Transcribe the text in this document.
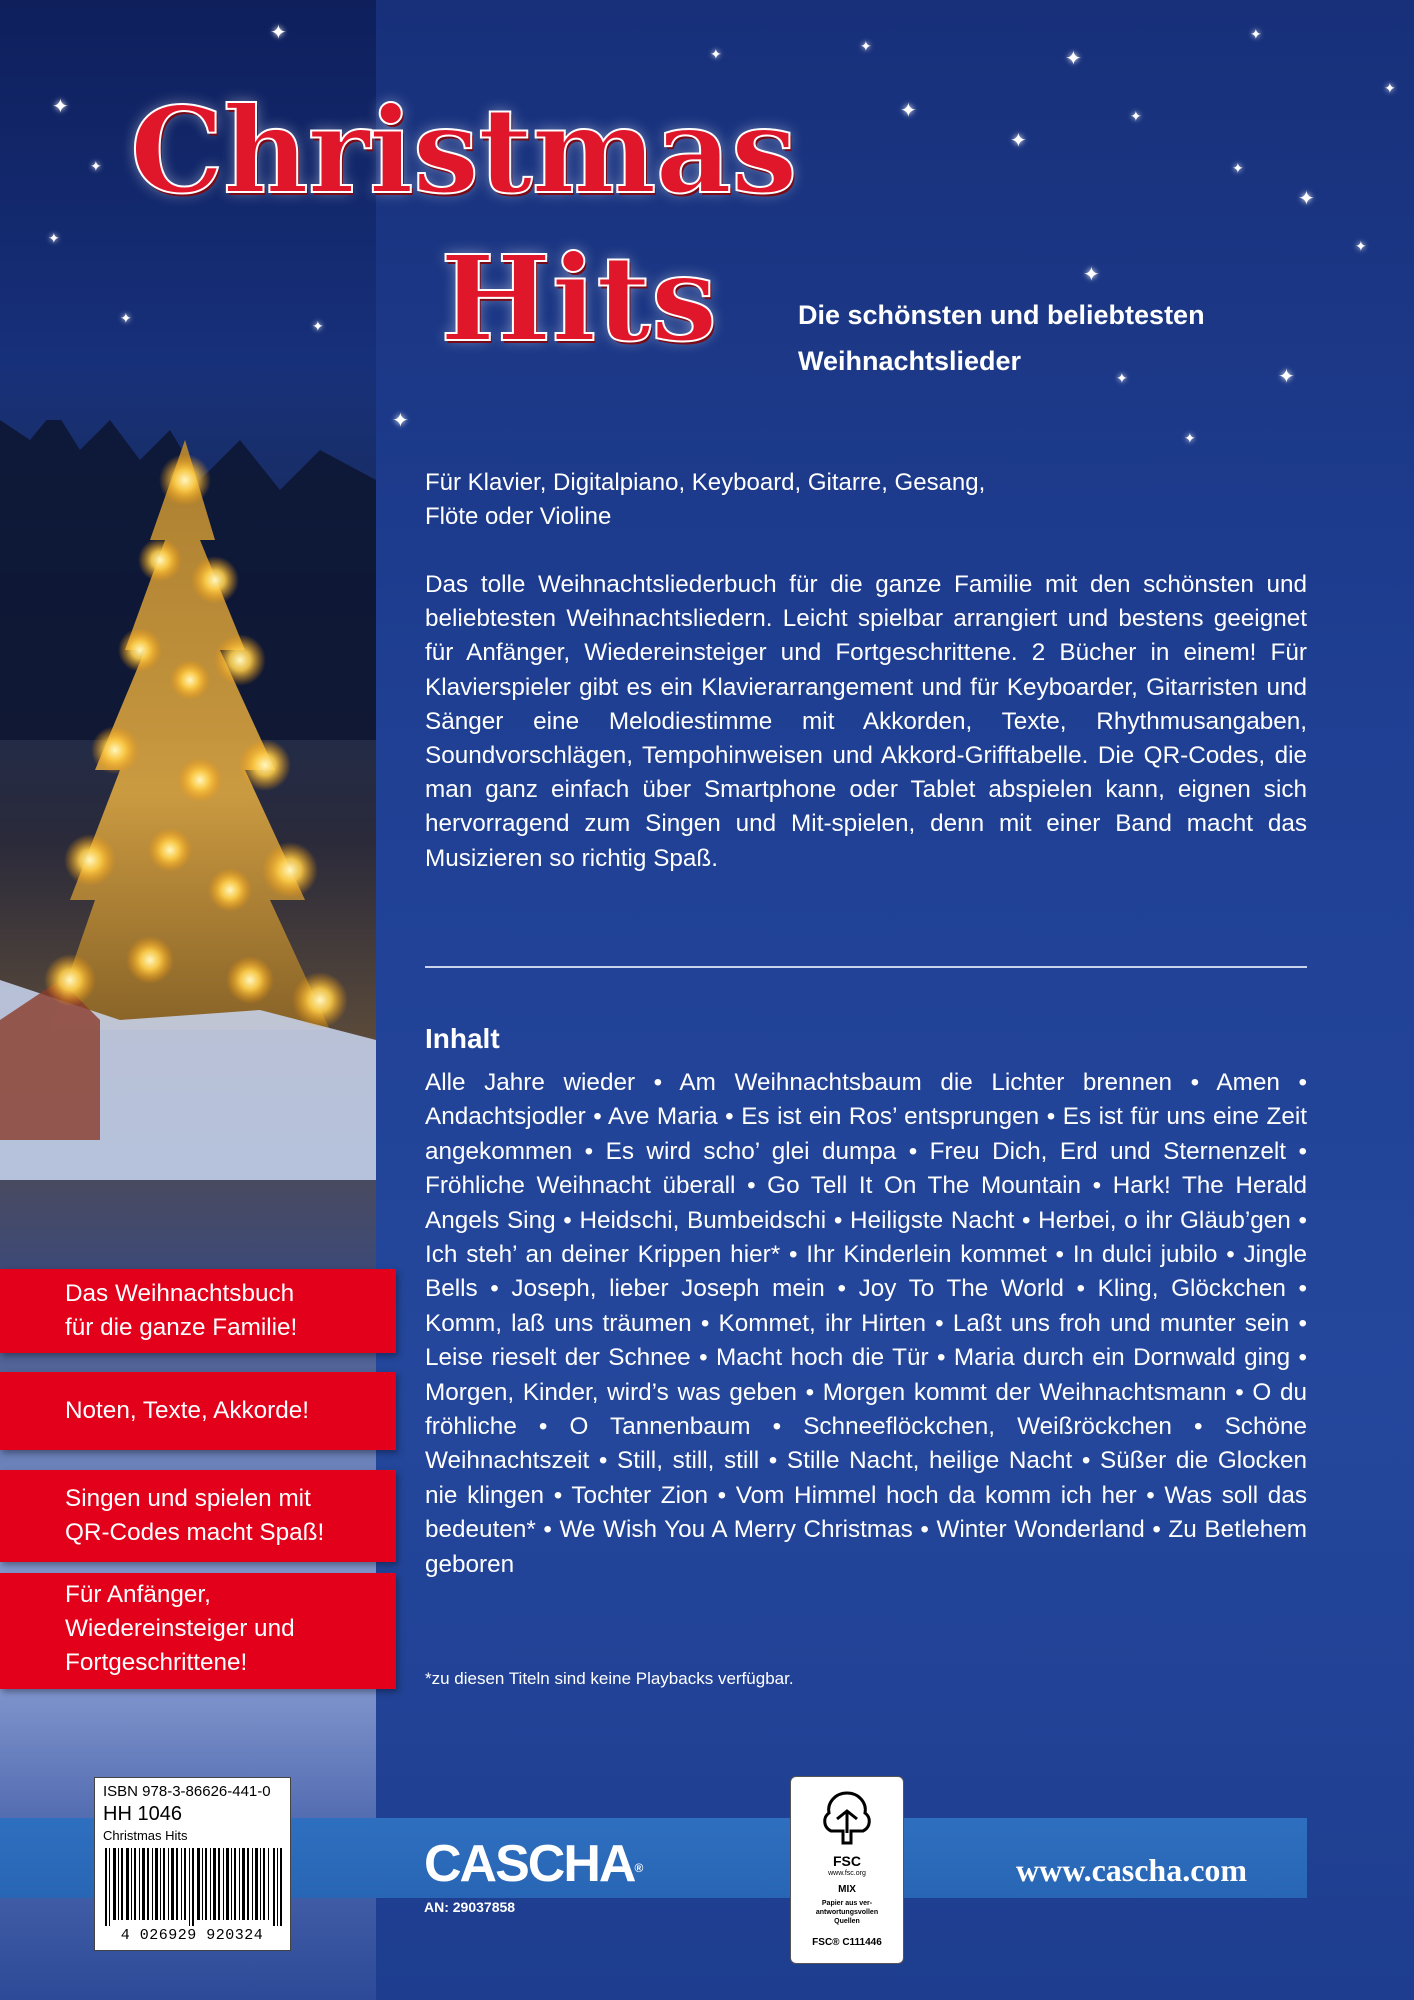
✦
✦
✦
✦
✦
✦
✦	✦
✦
✦
✦
✦
✦
✦
✦
✦
✦
✦	✦
✦
✦
✦
Christmas
Hits	Die schönsten und beliebtesten
Weihnachtslieder
Für Klavier, Digitalpiano, Keyboard, Gitarre, Gesang,
Flöte oder Violine

Das tolle Weihnachtsliederbuch für die ganze Familie mit den schönsten und beliebtesten Weihnachtsliedern. Leicht spielbar arrangiert und bestens geeignet für Anfänger, Wiedereinsteiger und Fortgeschrittene. 2 Bücher in einem! Für Klavierspieler gibt es ein Klavierarrangement und für Keyboarder, Gitarristen und Sänger eine Melodiestimme mit Akkorden, Texte, Rhythmusangaben, Soundvorschlägen, Tempohinweisen und Akkord-Grifftabelle. Die QR-Codes, die man ganz einfach über Smartphone oder Tablet abspielen kann, eignen sich hervorragend zum Singen und Mit-spielen, denn mit einer Band macht das Musizieren so richtig Spaß.

Inhalt

Alle Jahre wieder • Am Weihnachtsbaum die Lichter brennen • Amen • Andachtsjodler • Ave Maria • Es ist ein Ros’ entsprungen • Es ist für uns eine Zeit angekommen • Es wird scho’ glei dumpa • Freu Dich, Erd und Sternenzelt • Fröhliche Weihnacht überall • Go Tell It On The Mountain • Hark! The Herald Angels Sing • Heidschi, Bumbeidschi • Heiligste Nacht • Herbei, o ihr Gläub’gen • Ich steh’ an deiner Krippen hier* • Ihr Kinderlein kommet • In dulci jubilo • Jingle Bells • Joseph, lieber Joseph mein • Joy To The World • Kling, Glöckchen • Komm, laß uns träumen • Kommet, ihr Hirten • Laßt uns froh und munter sein • Leise rieselt der Schnee • Macht hoch die Tür • Maria durch ein Dornwald ging • Morgen, Kinder, wird’s was geben • Morgen kommt der Weihnachtsmann • O du fröhliche • O Tannenbaum • Schneeflöckchen, Weißröckchen • Schöne Weihnachtszeit • Still, still, still • Stille Nacht, heilige Nacht • Süßer die Glocken nie klingen • Tochter Zion • Vom Himmel hoch da komm ich her • Was soll das bedeuten* • We Wish You A Merry Christmas • Winter Wonderland • Zu Betlehem geboren

*zu diesen Titeln sind keine Playbacks verfügbar.

Das Weihnachtsbuch
für die ganze Familie!
Noten, Texte, Akkorde!
Singen und spielen mit
QR-Codes macht Spaß!
Für Anfänger,
Wiedereinsteiger und
Fortgeschrittene!

CASCHA®	www.cascha.com

AN: 29037858

ISBN 978-3-86626-441-0
HH 1046
Christmas Hits
4 026929 920324
FSC
www.fsc.org
MIX
Papier aus ver-
antwortungsvollen
Quellen
FSC® C111446
